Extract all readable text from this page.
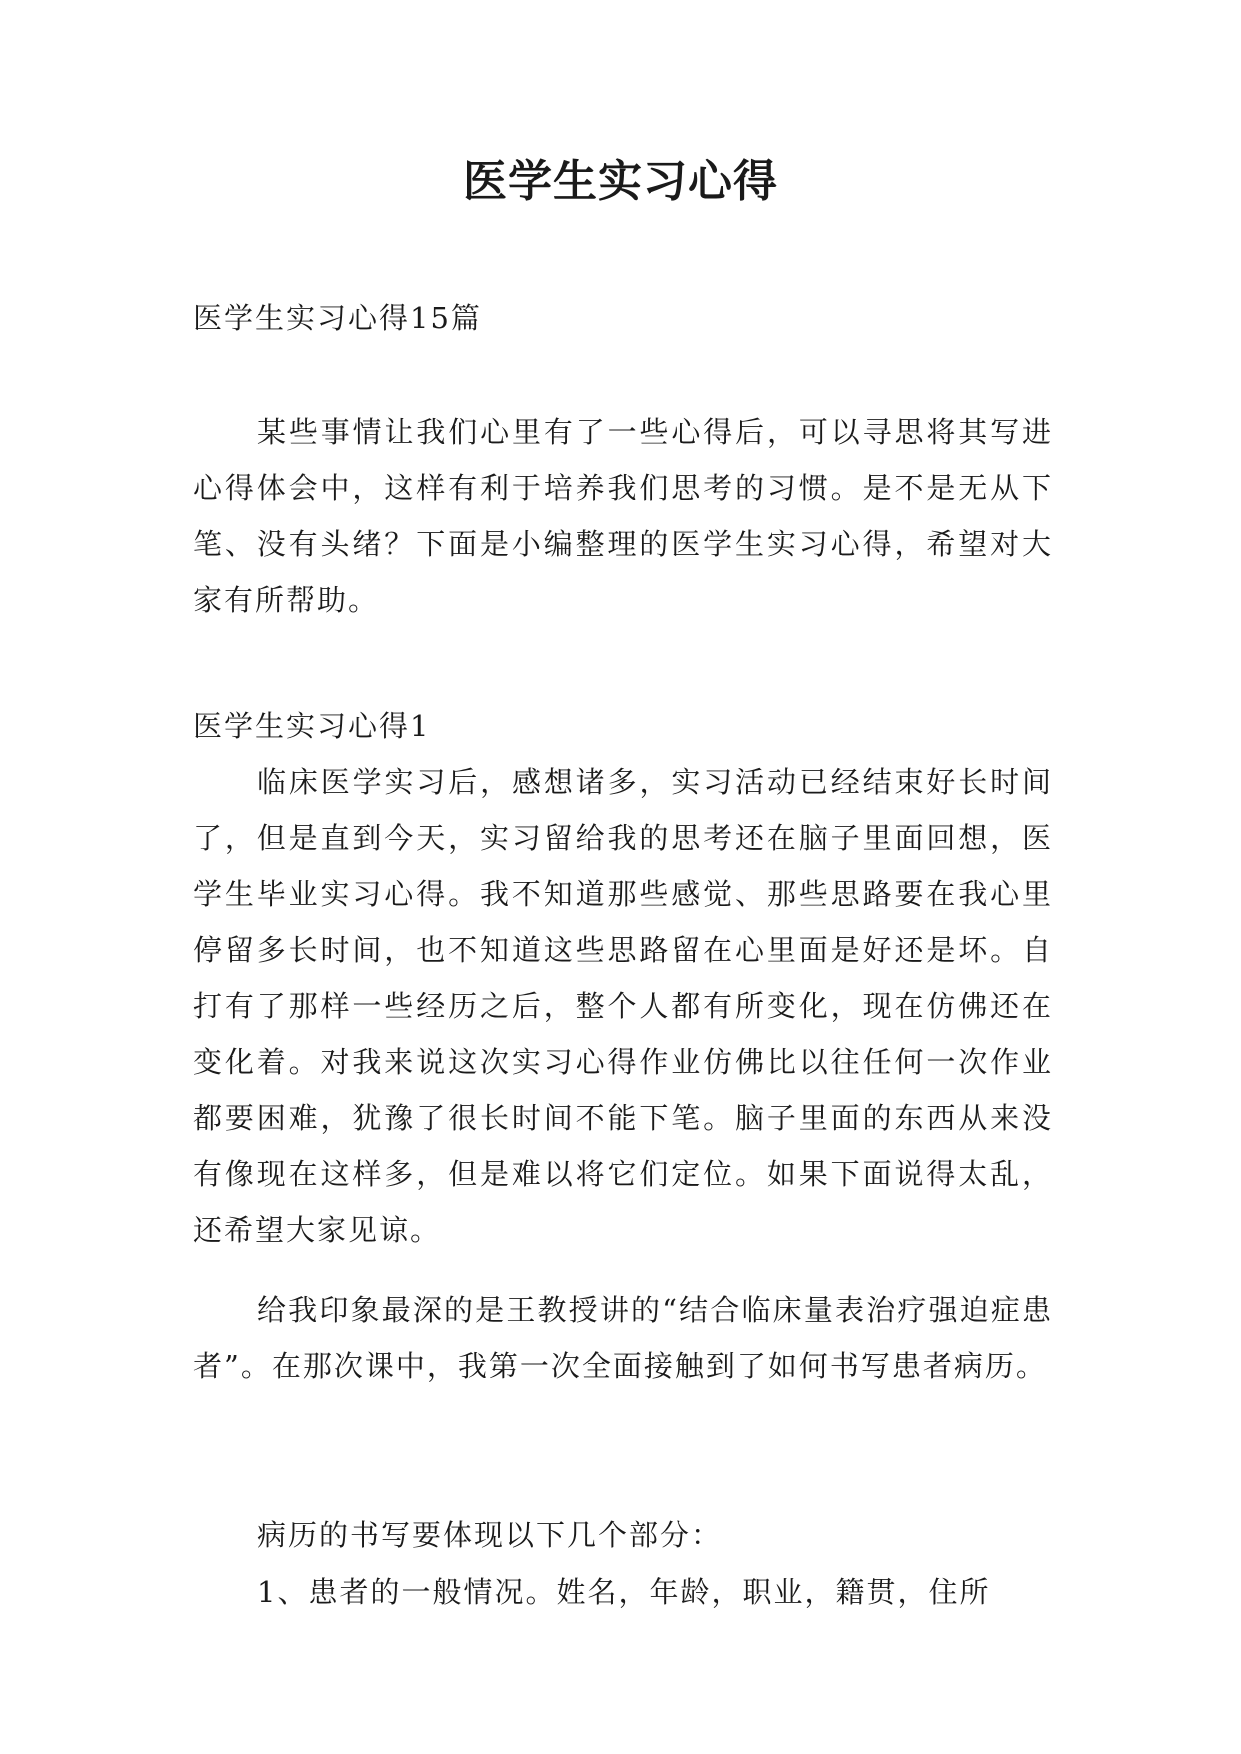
医学生实习心得

医学生实习心得15篇

某些事情让我们心里有了一些心得后，可以寻思将其写进心得体会中，这样有利于培养我们思考的习惯。是不是无从下笔、没有头绪？下面是小编整理的医学生实习心得，希望对大家有所帮助。

医学生实习心得1

临床医学实习后，感想诸多，实习活动已经结束好长时间了，但是直到今天，实习留给我的思考还在脑子里面回想，医学生毕业实习心得。我不知道那些感觉、那些思路要在我心里停留多长时间，也不知道这些思路留在心里面是好还是坏。自打有了那样一些经历之后，整个人都有所变化，现在仿佛还在变化着。对我来说这次实习心得作业仿佛比以往任何一次作业都要困难，犹豫了很长时间不能下笔。脑子里面的东西从来没有像现在这样多，但是难以将它们定位。如果下面说得太乱，还希望大家见谅。

给我印象最深的是王教授讲的“结合临床量表治疗强迫症患者”。在那次课中，我第一次全面接触到了如何书写患者病历。

病历的书写要体现以下几个部分：

1、患者的一般情况。姓名，年龄，职业，籍贯，住所
